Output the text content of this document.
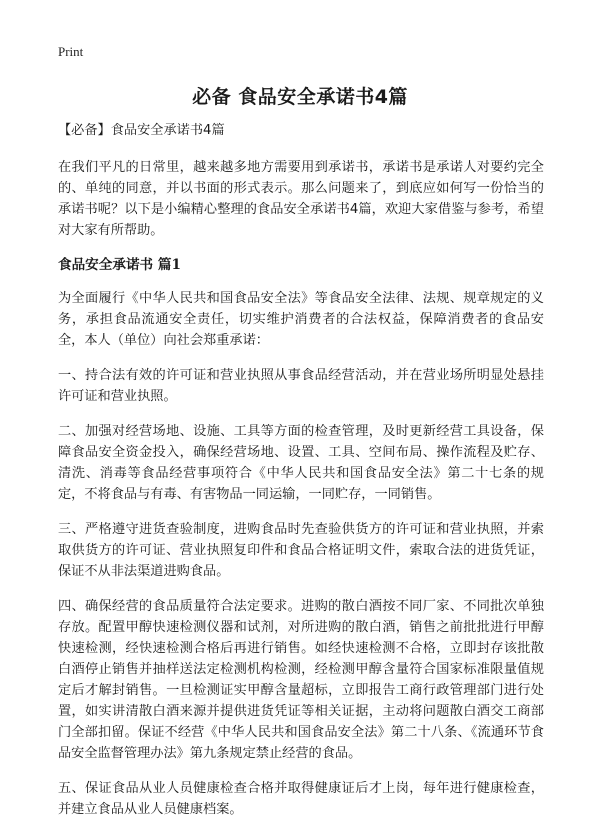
Print
必备 食品安全承诺书4篇

【必备】食品安全承诺书4篇

在我们平凡的日常里，越来越多地方需要用到承诺书，承诺书是承诺人对要约完全的、单纯的同意，并以书面的形式表示。那么问题来了，到底应如何写一份恰当的承诺书呢？以下是小编精心整理的食品安全承诺书4篇，欢迎大家借鉴与参考，希望对大家有所帮助。

食品安全承诺书 篇1

为全面履行《中华人民共和国食品安全法》等食品安全法律、法规、规章规定的义务，承担食品流通安全责任，切实维护消费者的合法权益，保障消费者的食品安全，本人（单位）向社会郑重承诺：

一、持合法有效的许可证和营业执照从事食品经营活动，并在营业场所明显处悬挂许可证和营业执照。

二、加强对经营场地、设施、工具等方面的检查管理，及时更新经营工具设备，保障食品安全资金投入，确保经营场地、设置、工具、空间布局、操作流程及贮存、清洗、消毒等食品经营事项符合《中华人民共和国食品安全法》第二十七条的规定，不将食品与有毒、有害物品一同运输，一同贮存，一同销售。

三、严格遵守进货查验制度，进购食品时先查验供货方的许可证和营业执照，并索取供货方的许可证、营业执照复印件和食品合格证明文件，索取合法的进货凭证，保证不从非法渠道进购食品。

四、确保经营的食品质量符合法定要求。进购的散白酒按不同厂家、不同批次单独存放。配置甲醇快速检测仪器和试剂，对所进购的散白酒，销售之前批批进行甲醇快速检测，经快速检测合格后再进行销售。如经快速检测不合格，立即封存该批散白酒停止销售并抽样送法定检测机构检测，经检测甲醇含量符合国家标准限量值规定后才解封销售。一旦检测证实甲醇含量超标，立即报告工商行政管理部门进行处置，如实讲清散白酒来源并提供进货凭证等相关证据，主动将问题散白酒交工商部门全部扣留。保证不经营《中华人民共和国食品安全法》第二十八条、《流通环节食品安全监督管理办法》第九条规定禁止经营的食品。

五、保证食品从业人员健康检查合格并取得健康证后才上岗，每年进行健康检查，并建立食品从业人员健康档案。
